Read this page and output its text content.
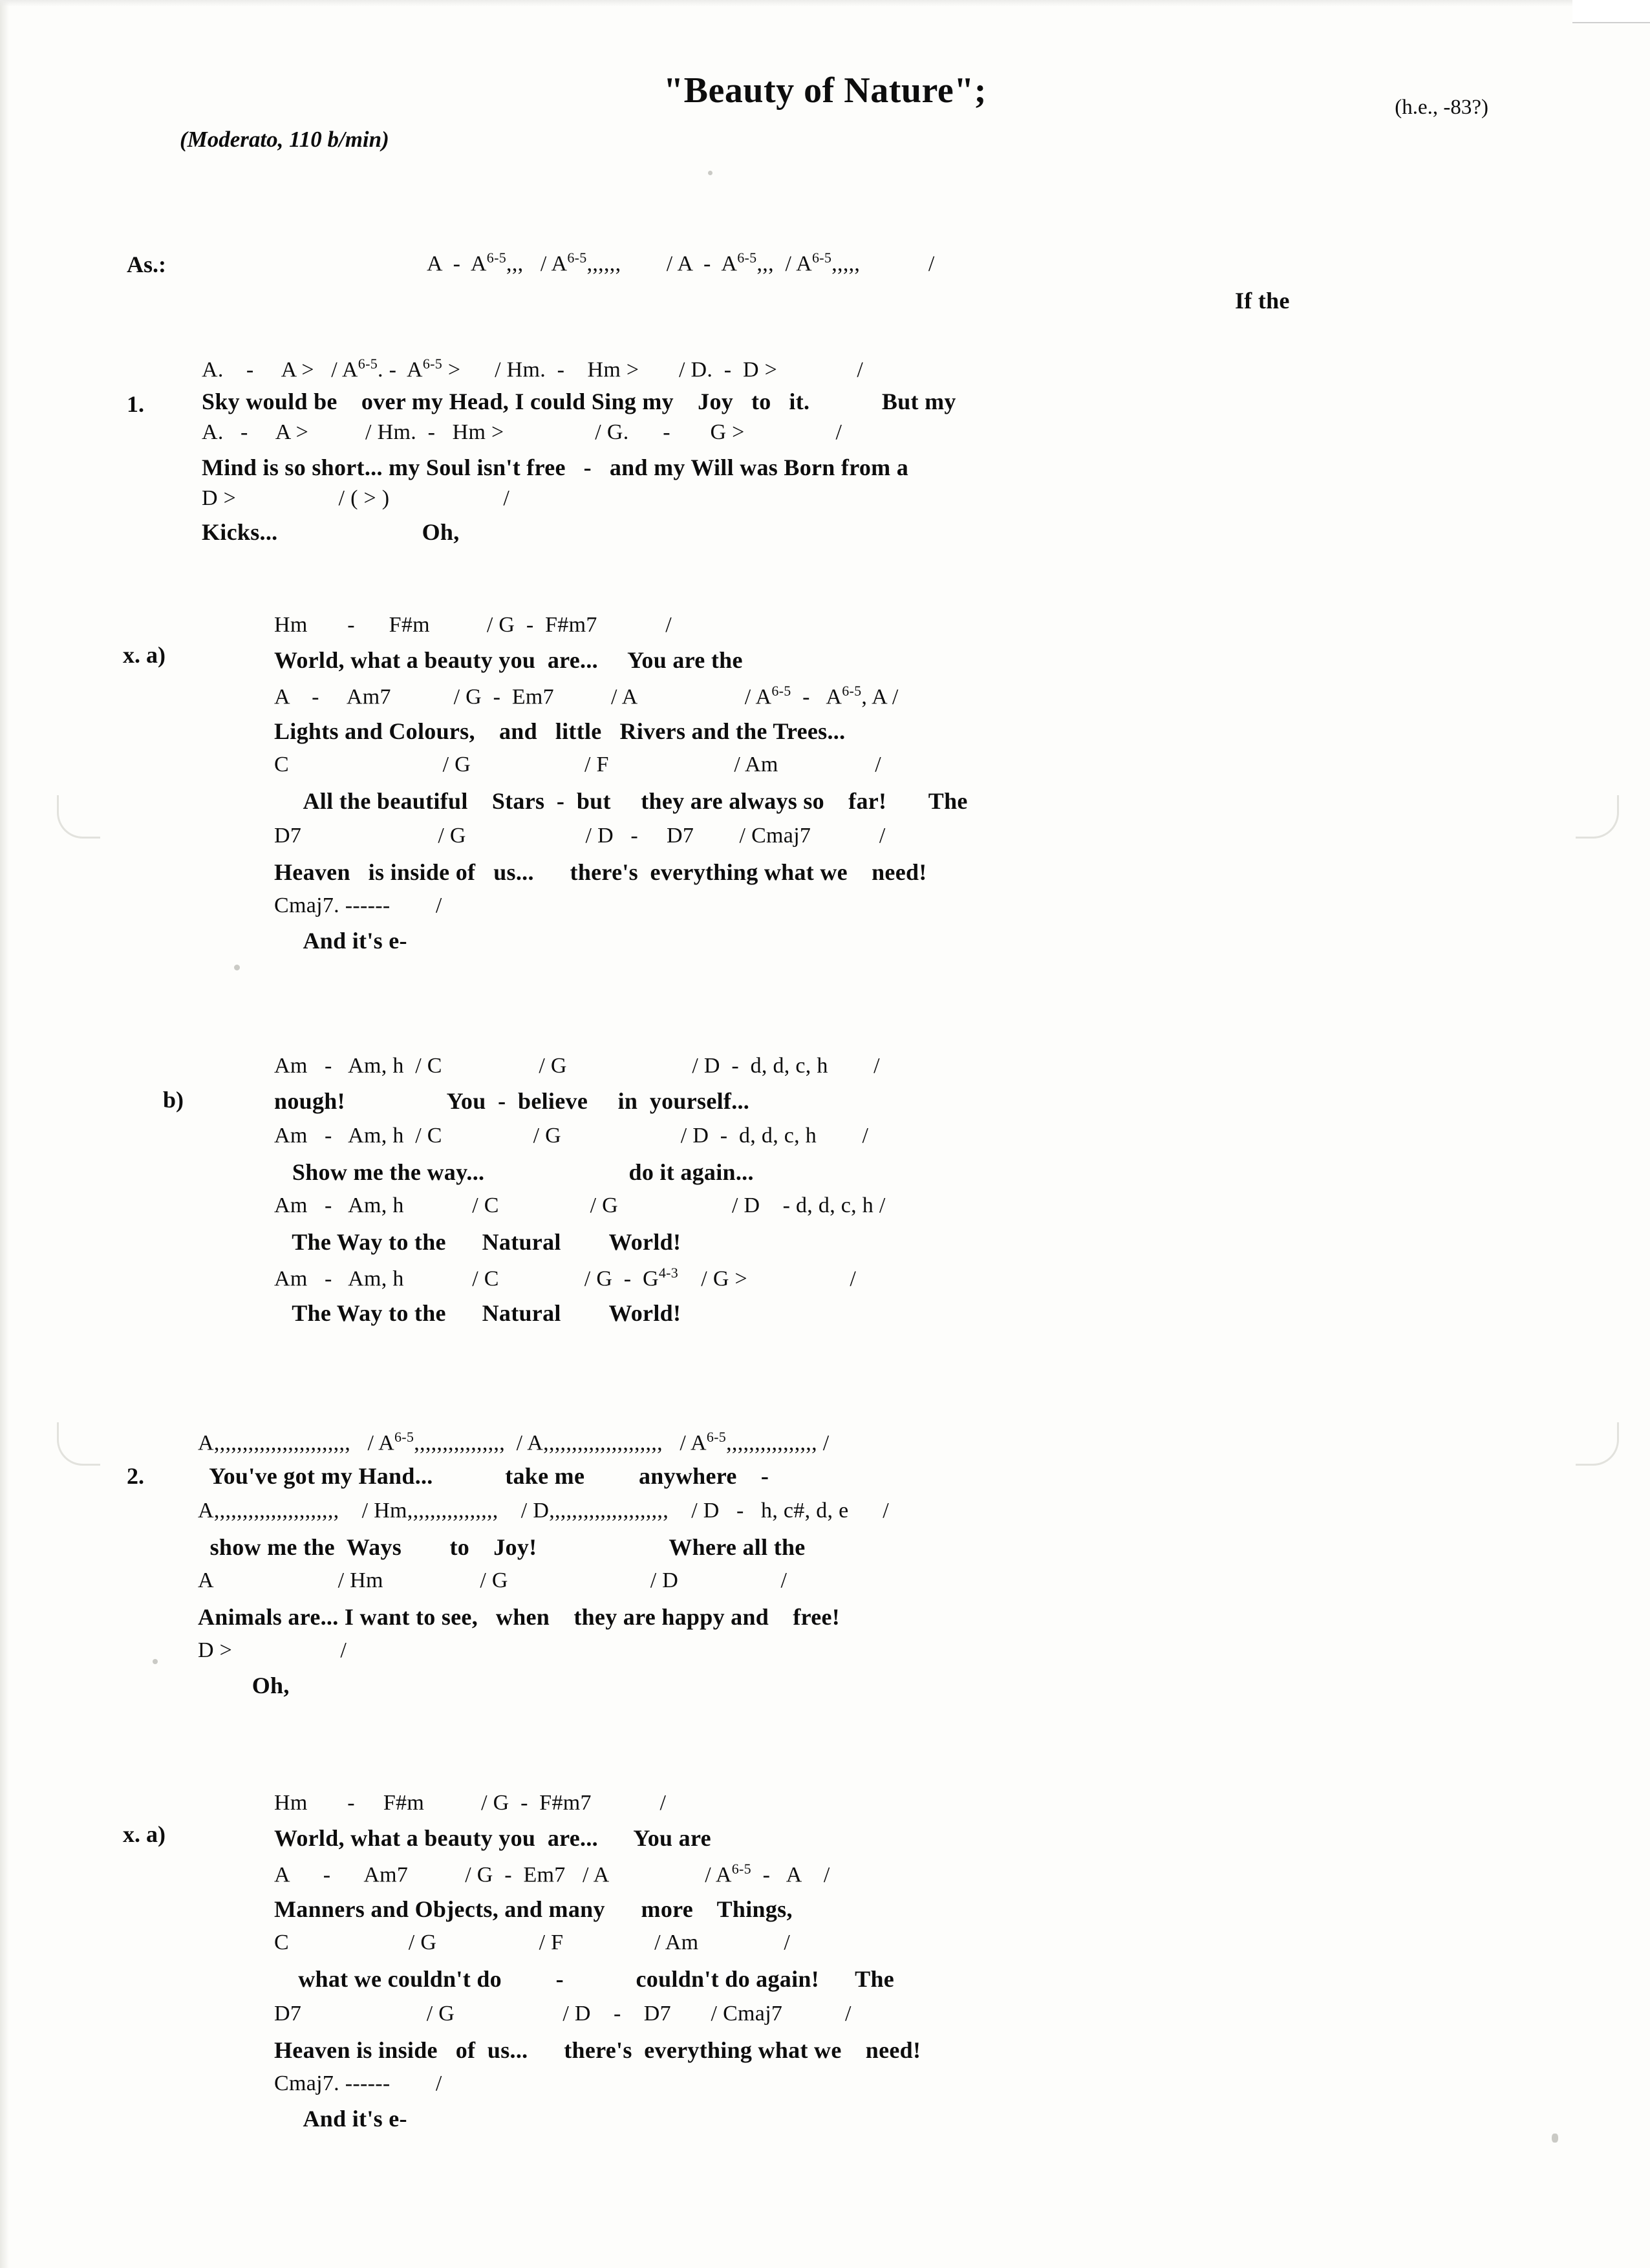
"Beauty of Nature";	(h.e., -83?)
(Moderato, 110 b/min)
As.:	A  -  $A^{6-5}$,,,   / $A^{6-5}$,,,,,,        / A  -  $A^{6-5}$,,,  / $A^{6-5}$,,,,,            /
If the
1.
A.    -     A >   / $A^{6-5}$. -  $A^{6-5}$ >      / Hm.  -    Hm >       / D.  -  D >              /
Sky would be    over my Head, I could Sing my    Joy   to   it.            But my
A.   -     A >          / Hm.  -   Hm >                / G.      -       G >                /
Mind is so short... my Soul isn't free   -   and my Will was Born from a
D >                  / ( > )                    /
Kicks...                        Oh,
x. a)
Hm       -      F#m          / G  -  F#m7            /
World, what a beauty you  are...     You are the
A    -     Am7           / G  -  Em7          / A                   / $A^{6-5} - A^{6-5}$, A /
Lights and Colours,    and   little   Rivers and the Trees...
C                           / G                    / F                      / Am                 /
All the beautiful    Stars  -  but     they are always so    far!       The
D7                        / G                     / D   -     D7        / Cmaj7            /
Heaven   is inside of   us...      there's  everything what we    need!
Cmaj7. ------        /
And it's e-
b)
Am   -   Am, h  / C                 / G                      / D  -  d, d, c, h        /
nough!                 You  -  believe     in  yourself...
Am   -   Am, h  / C                / G                     / D  -  d, d, c, h        /
Show me the way...                        do it again...
Am   -   Am, h            / C                / G                    / D    - d, d, c, h /
The Way to the      Natural        World!
Am   -   Am, h            / C               / G  -  $G^{4-3}$    / G >                  /
The Way to the      Natural        World!
2.
A,,,,,,,,,,,,,,,,,,,,,,,,   / $A^{6-5}$,,,,,,,,,,,,,,,,  / A,,,,,,,,,,,,,,,,,,,,,   / $A^{6-5}$,,,,,,,,,,,,,,,, /
You've got my Hand...            take me         anywhere    -
A,,,,,,,,,,,,,,,,,,,,,,    / Hm,,,,,,,,,,,,,,,,    / D,,,,,,,,,,,,,,,,,,,,,    / D   -   h, c#, d, e      /
show me the  Ways        to    Joy!                      Where all the
A                      / Hm                 / G                         / D                  /
Animals are... I want to see,   when    they are happy and    free!
D >                   /
Oh,
x. a)
Hm       -     F#m          / G  -  F#m7            /
World, what a beauty you  are...      You are
A      -      Am7          / G  -  Em7   / A                 / $A^{6-5}$  -   A    /
Manners and Objects, and many      more    Things,
C                     / G                  / F                / Am               /
what we couldn't do         -            couldn't do again!      The
D7                      / G                   / D    -    D7       / Cmaj7           /
Heaven is inside   of  us...      there's  everything what we    need!
Cmaj7. ------        /
And it's e-
